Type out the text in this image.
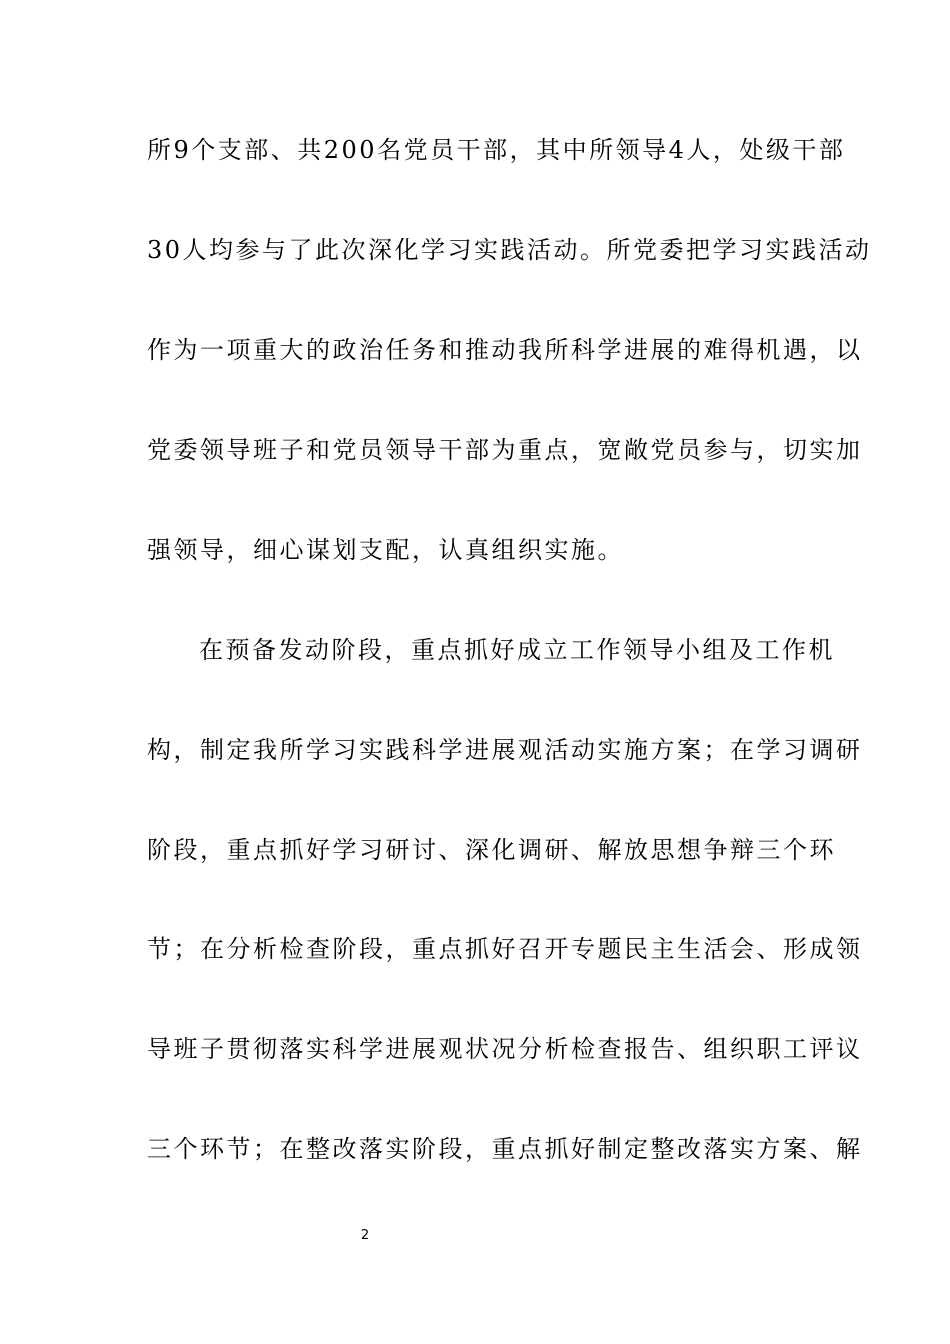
所9个支部、共200名党员干部，其中所领导4人，处级干部
30人均参与了此次深化学习实践活动。所党委把学习实践活动
作为一项重大的政治任务和推动我所科学进展的难得机遇，以
党委领导班子和党员领导干部为重点，宽敞党员参与，切实加
强领导，细心谋划支配，认真组织实施。
在预备发动阶段，重点抓好成立工作领导小组及工作机
构，制定我所学习实践科学进展观活动实施方案；在学习调研
阶段，重点抓好学习研讨、深化调研、解放思想争辩三个环
节；在分析检查阶段，重点抓好召开专题民主生活会、形成领
导班子贯彻落实科学进展观状况分析检查报告、组织职工评议
三个环节；在整改落实阶段，重点抓好制定整改落实方案、解
2
